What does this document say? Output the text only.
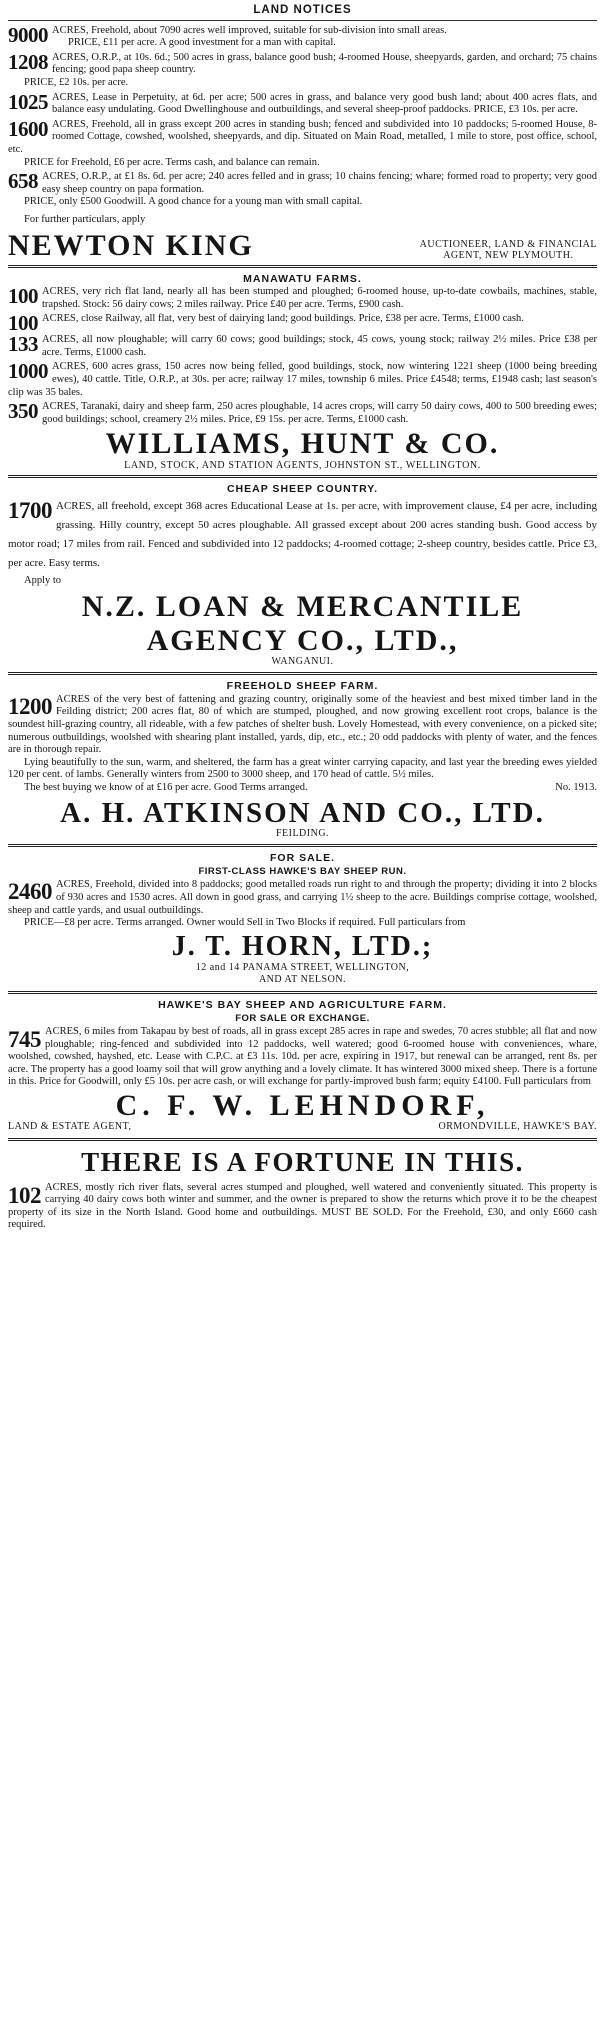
LAND NOTICES
9000 ACRES, Freehold, about 7090 acres well improved, suitable for sub-division into small areas.

PRICE, £11 per acre. A good investment for a man with capital.

1208 ACRES, O.R.P., at 10s. 6d.; 500 acres in grass, balance good bush; 4-roomed House, sheepyards, garden, and orchard; 75 chains fencing; good papa sheep country.

PRICE, £2 10s. per acre.

1025 ACRES, Lease in Perpetuity, at 6d. per acre; 500 acres in grass, and balance very good bush land; about 400 acres flats, and balance easy undulating. Good Dwellinghouse and outbuildings, and several sheep-proof paddocks. PRICE, £3 10s. per acre.

1600 ACRES, Freehold, all in grass except 200 acres in standing bush; fenced and subdivided into 10 paddocks; 5-roomed House, 8-roomed Cottage, cowshed, woolshed, sheepyards, and dip. Situated on Main Road, metalled, 1 mile to store, post office, school, etc.

PRICE for Freehold, £6 per acre. Terms cash, and balance can remain.

658 ACRES, O.R.P., at £1 8s. 6d. per acre; 240 acres felled and in grass; 10 chains fencing; whare; formed road to property; very good easy sheep country on papa formation.

PRICE, only £500 Goodwill. A good chance for a young man with small capital.

For further particulars, apply

NEWTON KING	AUCTIONEER, LAND & FINANCIAL
AGENT, NEW PLYMOUTH.
MANAWATU FARMS.
100 ACRES, very rich flat land, nearly all has been stumped and ploughed; 6-roomed house, up-to-date cowbails, machines, stable, trapshed. Stock: 56 dairy cows; 2 miles railway. Price £40 per acre. Terms, £900 cash.

100 ACRES, close Railway, all flat, very best of dairying land; good buildings. Price, £38 per acre. Terms, £1000 cash.

133 ACRES, all now ploughable; will carry 60 cows; good buildings; stock, 45 cows, young stock; railway 2½ miles. Price £38 per acre. Terms, £1000 cash.

1000 ACRES, 600 acres grass, 150 acres now being felled, good buildings, stock, now wintering 1221 sheep (1000 being breeding ewes), 40 cattle. Title, O.R.P., at 30s. per acre; railway 17 miles, township 6 miles. Price £4548; terms, £1948 cash; last season's clip was 35 bales.

350 ACRES, Taranaki, dairy and sheep farm, 250 acres ploughable, 14 acres crops, will carry 50 dairy cows, 400 to 500 breeding ewes; good buildings; school, creamery 2½ miles. Price, £9 15s. per acre. Terms, £1000 cash.

WILLIAMS, HUNT & CO.
LAND, STOCK, AND STATION AGENTS, JOHNSTON ST., WELLINGTON.
CHEAP SHEEP COUNTRY.
1700 ACRES, all freehold, except 368 acres Educational Lease at 1s. per acre, with improvement clause, £4 per acre, including grassing. Hilly country, except 50 acres ploughable. All grassed except about 200 acres standing bush. Good access by motor road; 17 miles from rail. Fenced and subdivided into 12 paddocks; 4-roomed cottage; 2-sheep country, besides cattle. Price £3, per acre. Easy terms.

Apply to

N.Z. LOAN & MERCANTILE
AGENCY CO., LTD.,
WANGANUI.
FREEHOLD SHEEP FARM.
1200 ACRES of the very best of fattening and grazing country, originally some of the heaviest and best mixed timber land in the Feilding district; 200 acres flat, 80 of which are stumped, ploughed, and now growing excellent root crops, balance is the soundest hill-grazing country, all rideable, with a few patches of shelter bush. Lovely Homestead, with every convenience, on a picked site; numerous outbuildings, woolshed with shearing plant installed, yards, dip, etc., etc.; 20 odd paddocks with plenty of water, and the fences are in thorough repair.

Lying beautifully to the sun, warm, and sheltered, the farm has a great winter carrying capacity, and last year the breeding ewes yielded 120 per cent. of lambs. Generally winters from 2500 to 3000 sheep, and 170 head of cattle. 5½ miles.

The best buying we know of at £16 per acre. Good Terms arranged.	No. 1913.

A. H. ATKINSON AND CO., LTD.
FEILDING.
FOR SALE.
FIRST-CLASS HAWKE'S BAY SHEEP RUN.
2460 ACRES, Freehold, divided into 8 paddocks; good metalled roads run right to and through the property; dividing it into 2 blocks of 930 acres and 1530 acres. All down in good grass, and carrying 1½ sheep to the acre. Buildings comprise cottage, woolshed, sheep and cattle yards, and usual outbuildings.

PRICE—£8 per acre. Terms arranged. Owner would Sell in Two Blocks if required. Full particulars from

J. T. HORN, LTD.;
12 and 14 PANAMA STREET, WELLINGTON,
AND AT NELSON.
HAWKE'S BAY SHEEP AND AGRICULTURE FARM.
FOR SALE OR EXCHANGE.
745 ACRES, 6 miles from Takapau by best of roads, all in grass except 285 acres in rape and swedes, 70 acres stubble; all flat and now ploughable; ring-fenced and subdivided into 12 paddocks, well watered; good 6-roomed house with conveniences, whare, woolshed, cowshed, hayshed, etc. Lease with C.P.C. at £3 11s. 10d. per acre, expiring in 1917, but renewal can be arranged, rent 8s. per acre. The property has a good loamy soil that will grow anything and a lovely climate. It has wintered 3000 mixed sheep. There is a fortune in this. Price for Goodwill, only £5 10s. per acre cash, or will exchange for partly-improved bush farm; equity £4100. Full particulars from

C. F. W. LEHNDORF,
LAND & ESTATE AGENT,	ORMONDVILLE, HAWKE'S BAY.
THERE IS A FORTUNE IN THIS.
102 ACRES, mostly rich river flats, several acres stumped and ploughed, well watered and conveniently situated. This property is carrying 40 dairy cows both winter and summer, and the owner is prepared to show the returns which prove it to be the cheapest property of its size in the North Island. Good home and outbuildings. MUST BE SOLD. For the Freehold, £30, and only £660 cash required.
